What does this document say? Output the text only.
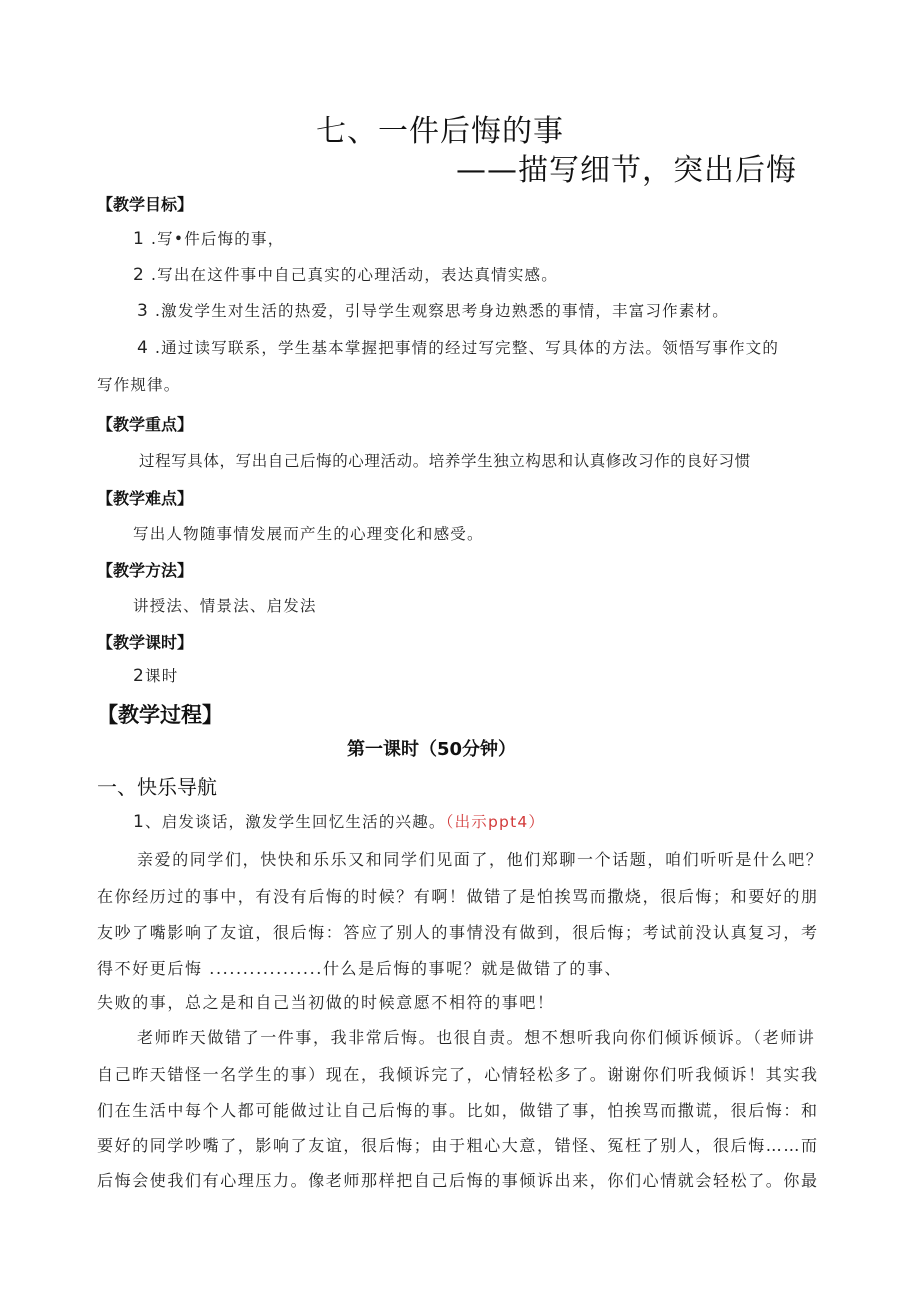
七、一件后悔的事
——描写细节，突出后悔
【教学目标】
1 .写•件后悔的事，
2 .写出在这件事中自己真实的心理活动，表达真情实感。
3 .激发学生对生活的热爱，引导学生观察思考身边熟悉的事情，丰富习作素材。
4 .通过读写联系，学生基本掌握把事情的经过写完整、写具体的方法。领悟写事作文的
写作规律。
【教学重点】
过程写具体，写出自己后悔的心理活动。培养学生独立构思和认真修改习作的良好习惯
【教学难点】
写出人物随事情发展而产生的心理变化和感受。
【教学方法】
讲授法、情景法、启发法
【教学课时】
2课时
【教学过程】
第一课时（50分钟）
一、快乐导航
1、启发谈话，激发学生回忆生活的兴趣。（出示ppt4）
亲爱的同学们，快快和乐乐又和同学们见面了，他们郑聊一个话题，咱们听听是什么吧？
在你经历过的事中，有没有后悔的时候？有啊！做错了是怕挨骂而撒烧，很后悔；和要好的朋
友吵了嘴影响了友谊，很后悔：答应了别人的事情没有做到，很后悔；考试前没认真复习，考
得不好更后悔 .................什么是后悔的事呢？就是做错了的事、
失败的事，总之是和自己当初做的时候意愿不相符的事吧！
老师昨天做错了一件事，我非常后悔。也很自责。想不想听我向你们倾诉倾诉。（老师讲
自己昨天错怪一名学生的事）现在，我倾诉完了，心情轻松多了。谢谢你们听我倾诉！其实我
们在生活中每个人都可能做过让自己后悔的事。比如，做错了事，怕挨骂而撒谎，很后悔：和
要好的同学吵嘴了，影响了友谊，很后悔；由于粗心大意，错怪、冤枉了别人，很后悔……而
后悔会使我们有心理压力。像老师那样把自己后悔的事倾诉出来，你们心情就会轻松了。你最
